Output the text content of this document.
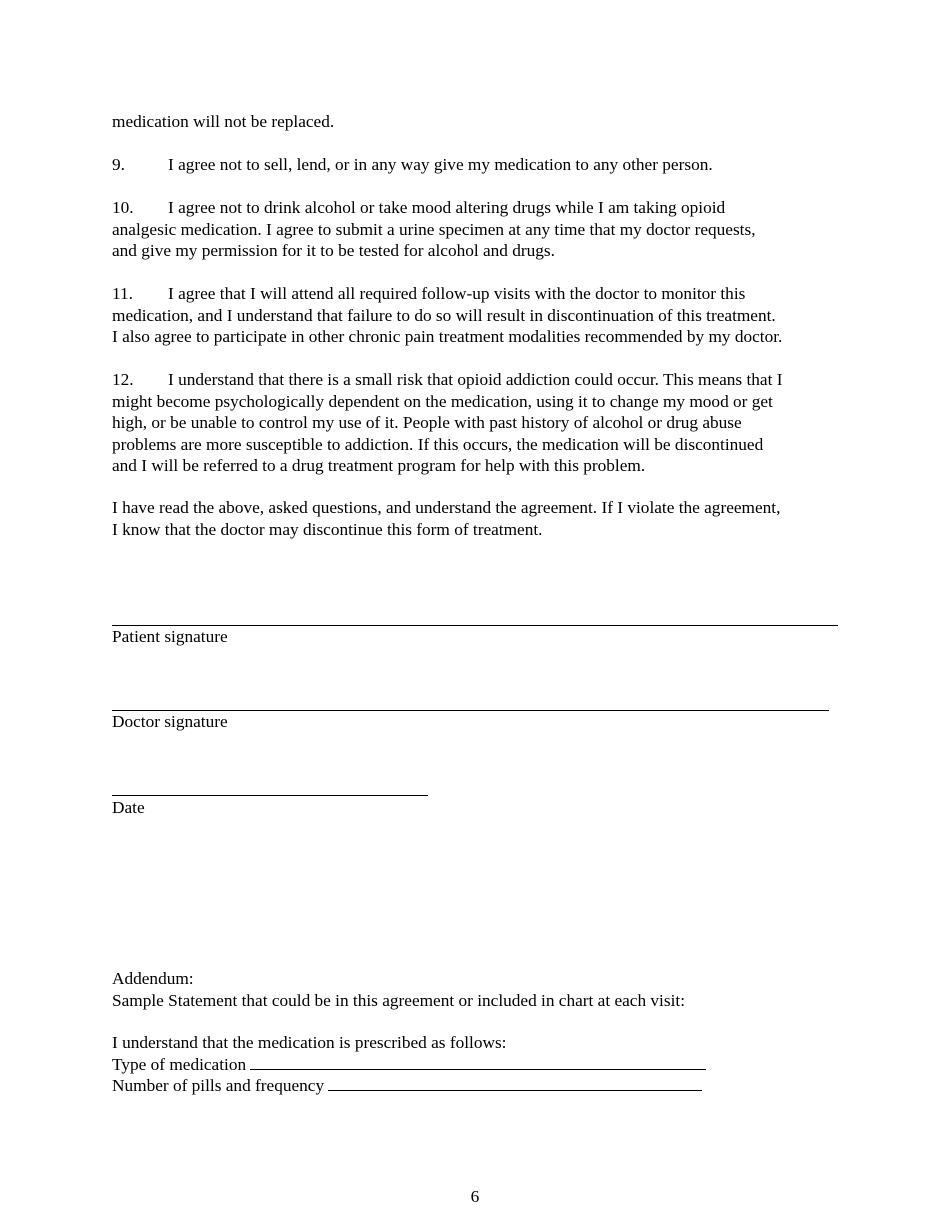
medication will not be replaced.
9. I agree not to sell, lend, or in any way give my medication to any other person.
10. I agree not to drink alcohol or take mood altering drugs while I am taking opioid
analgesic medication. I agree to submit a urine specimen at any time that my doctor requests,
and give my permission for it to be tested for alcohol and drugs.
11. I agree that I will attend all required follow-up visits with the doctor to monitor this
medication, and I understand that failure to do so will result in discontinuation of this treatment.
I also agree to participate in other chronic pain treatment modalities recommended by my doctor.
12. I understand that there is a small risk that opioid addiction could occur. This means that I
might become psychologically dependent on the medication, using it to change my mood or get
high, or be unable to control my use of it. People with past history of alcohol or drug abuse
problems are more susceptible to addiction. If this occurs, the medication will be discontinued
and I will be referred to a drug treatment program for help with this problem.
I have read the above, asked questions, and understand the agreement. If I violate the agreement,
I know that the doctor may discontinue this form of treatment.
Patient signature
Doctor signature
Date
Addendum:
Sample Statement that could be in this agreement or included in chart at each visit:
I understand that the medication is prescribed as follows:
Type of medication
Number of pills and frequency
6
